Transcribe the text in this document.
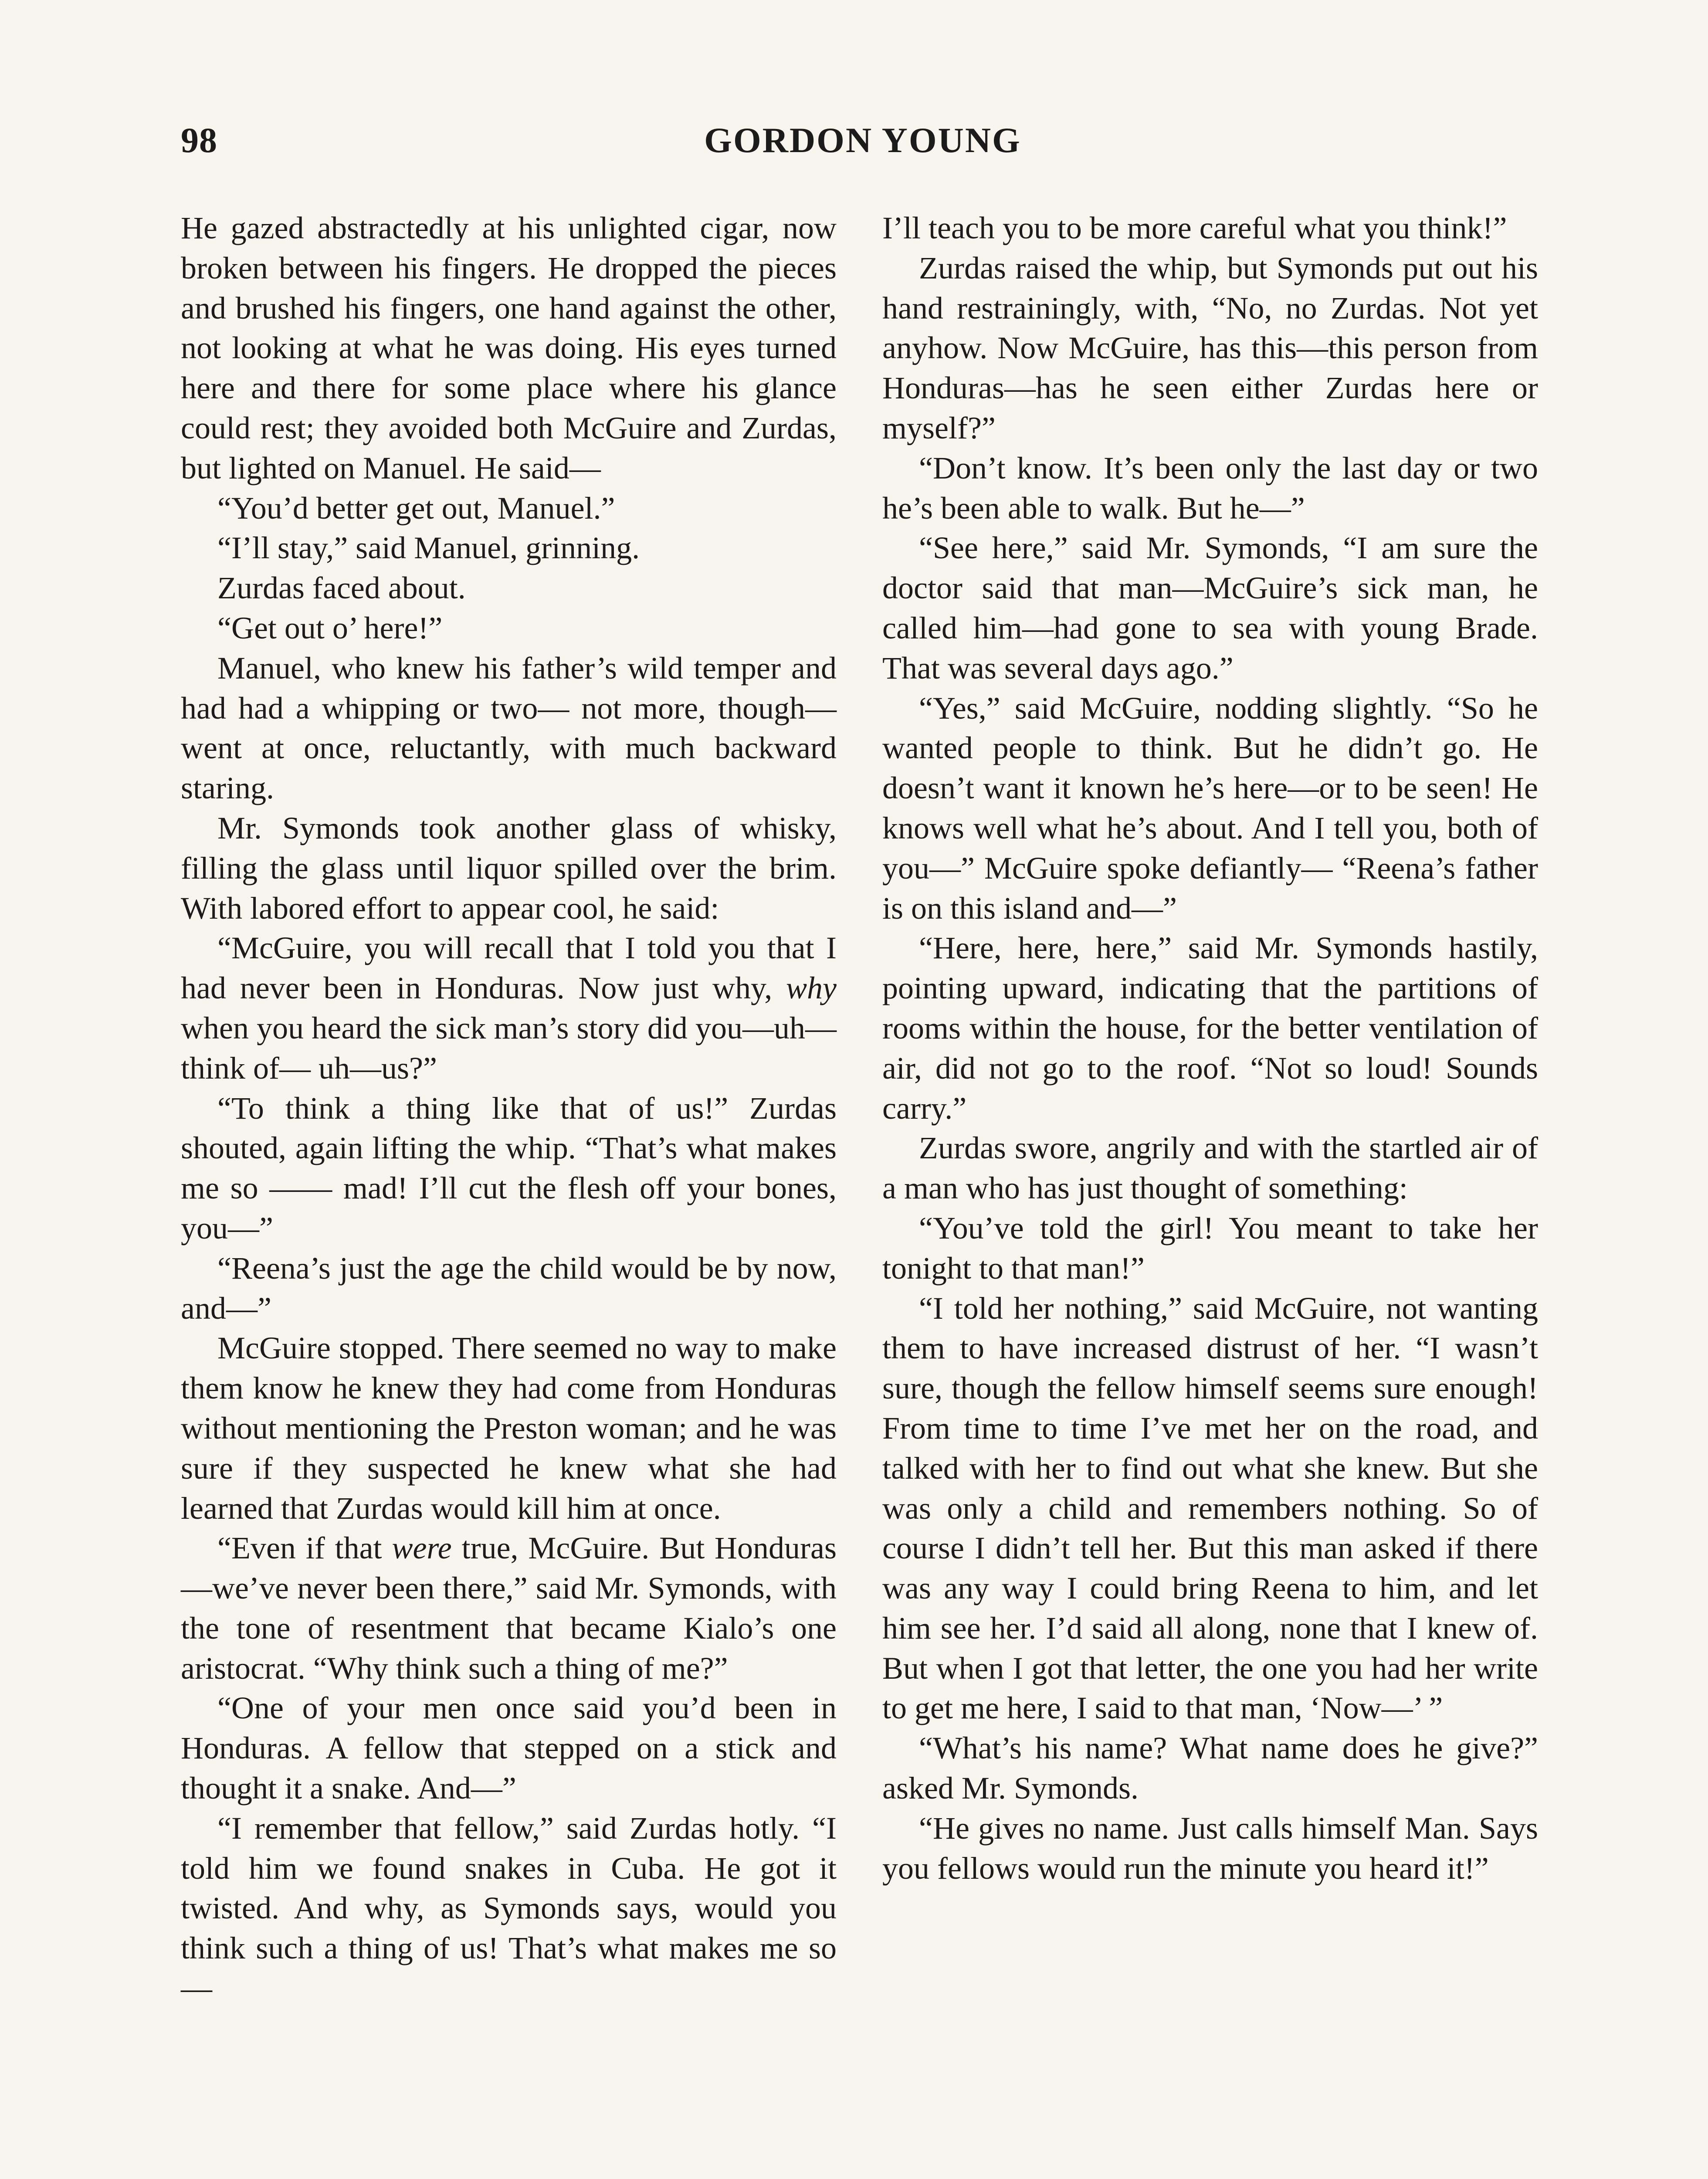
98	GORDON YOUNG

He gazed abstractedly at his unlighted cigar, now broken between his fingers. He dropped the pieces and brushed his fingers, one hand against the other, not looking at what he was doing. His eyes turned here and there for some place where his glance could rest; they avoided both McGuire and Zurdas, but lighted on Manuel. He said—

“You’d better get out, Manuel.”

“I’ll stay,” said Manuel, grinning.

Zurdas faced about.

“Get out o’ here!”

Manuel, who knew his father’s wild temper and had had a whipping or two— not more, though—went at once, reluctantly, with much backward staring.

Mr. Symonds took another glass of whisky, filling the glass until liquor spilled over the brim. With labored effort to appear cool, he said:

“McGuire, you will recall that I told you that I had never been in Honduras. Now just why, why when you heard the sick man’s story did you—uh—think of— uh—us?”

“To think a thing like that of us!” Zurdas shouted, again lifting the whip. “That’s what makes me so —— mad! I’ll cut the flesh off your bones, you—”

“Reena’s just the age the child would be by now, and—”

McGuire stopped. There seemed no way to make them know he knew they had come from Honduras without mentioning the Preston woman; and he was sure if they suspected he knew what she had learned that Zurdas would kill him at once.

“Even if that were true, McGuire. But Honduras—we’ve never been there,” said Mr. Symonds, with the tone of resentment that became Kialo’s one aristocrat. “Why think such a thing of me?”

“One of your men once said you’d been in Honduras. A fellow that stepped on a stick and thought it a snake. And—”

“I remember that fellow,” said Zurdas hotly. “I told him we found snakes in Cuba. He got it twisted. And why, as Symonds says, would you think such a thing of us! That’s what makes me so—

I’ll teach you to be more careful what you think!”

Zurdas raised the whip, but Symonds put out his hand restrainingly, with, “No, no Zurdas. Not yet anyhow. Now McGuire, has this—this person from Honduras—has he seen either Zurdas here or myself?”

“Don’t know. It’s been only the last day or two he’s been able to walk. But he—”

“See here,” said Mr. Symonds, “I am sure the doctor said that man—McGuire’s sick man, he called him—had gone to sea with young Brade. That was several days ago.”

“Yes,” said McGuire, nodding slightly. “So he wanted people to think. But he didn’t go. He doesn’t want it known he’s here—or to be seen! He knows well what he’s about. And I tell you, both of you—” McGuire spoke defiantly— “Reena’s father is on this island and—”

“Here, here, here,” said Mr. Symonds hastily, pointing upward, indicating that the partitions of rooms within the house, for the better ventilation of air, did not go to the roof. “Not so loud! Sounds carry.”

Zurdas swore, angrily and with the startled air of a man who has just thought of something:

“You’ve told the girl! You meant to take her tonight to that man!”

“I told her nothing,” said McGuire, not wanting them to have increased distrust of her. “I wasn’t sure, though the fellow himself seems sure enough! From time to time I’ve met her on the road, and talked with her to find out what she knew. But she was only a child and remembers nothing. So of course I didn’t tell her. But this man asked if there was any way I could bring Reena to him, and let him see her. I’d said all along, none that I knew of. But when I got that letter, the one you had her write to get me here, I said to that man, ‘Now—’ ”

“What’s his name? What name does he give?” asked Mr. Symonds.

“He gives no name. Just calls himself Man. Says you fellows would run the minute you heard it!”
